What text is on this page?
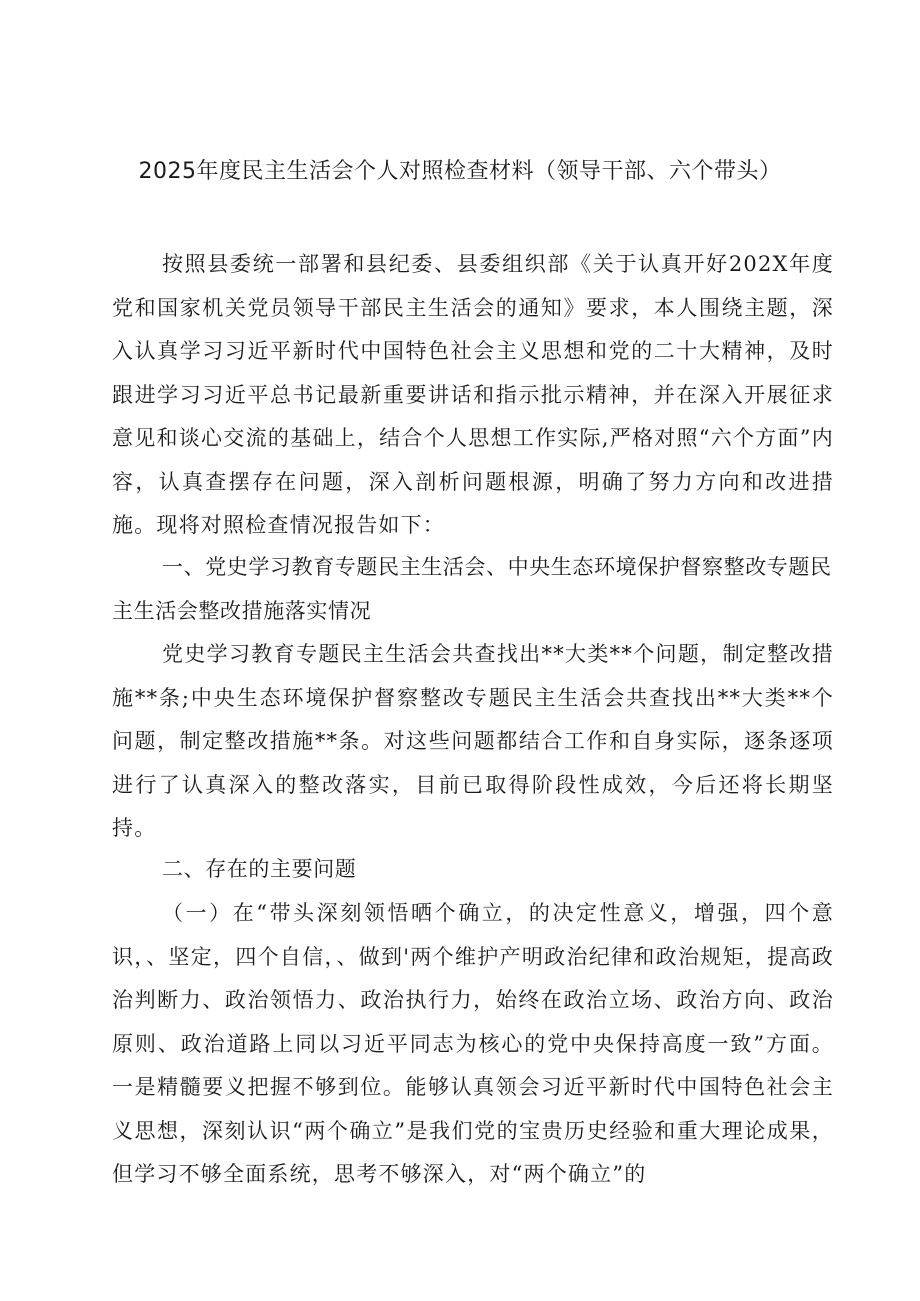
2025年度民主生活会个人对照检查材料（领导干部、六个带头）

按照县委统一部署和县纪委、县委组织部《关于认真开好202X年度党和国家机关党员领导干部民主生活会的通知》要求，本人围绕主题，深入认真学习习近平新时代中国特色社会主义思想和党的二十大精神，及时跟进学习习近平总书记最新重要讲话和指示批示精神，并在深入开展征求意见和谈心交流的基础上，结合个人思想工作实际,严格对照“六个方面”内容，认真查摆存在问题，深入剖析问题根源，明确了努力方向和改进措施。现将对照检查情况报告如下：

一、党史学习教育专题民主生活会、中央生态环境保护督察整改专题民主生活会整改措施落实情况

党史学习教育专题民主生活会共查找出**大类**个问题，制定整改措施**条;中央生态环境保护督察整改专题民主生活会共查找出**大类**个问题，制定整改措施**条。对这些问题都结合工作和自身实际，逐条逐项进行了认真深入的整改落实，目前已取得阶段性成效，今后还将长期坚持。

二、存在的主要问题

（一）在“带头深刻领悟晒个确立，的决定性意义，增强，四个意识，、坚定，四个自信，、做到'两个维护产明政治纪律和政治规矩，提高政治判断力、政治领悟力、政治执行力，始终在政治立场、政治方向、政治原则、政治道路上同以习近平同志为核心的党中央保持高度一致”方面。一是精髓要义把握不够到位。能够认真领会习近平新时代中国特色社会主义思想，深刻认识“两个确立”是我们党的宝贵历史经验和重大理论成果，但学习不够全面系统，思考不够深入，对“两个确立”的
